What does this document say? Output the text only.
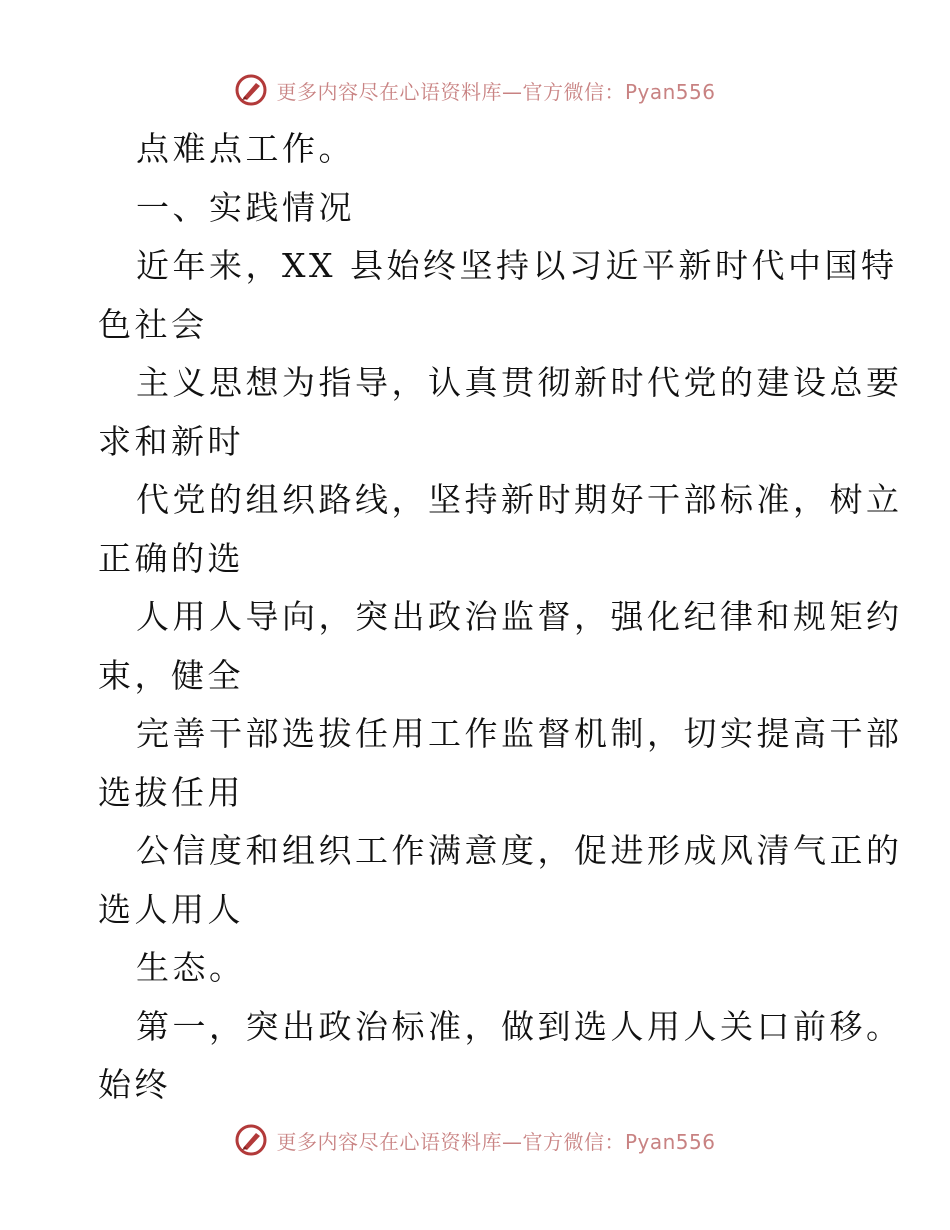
更多内容尽在心语资料库—官方微信：Pyan556

点难点工作。

一、实践情况

近年来，XX 县始终坚持以习近平新时代中国特

色社会

主义思想为指导，认真贯彻新时代党的建设总要

求和新时

代党的组织路线，坚持新时期好干部标准，树立

正确的选

人用人导向，突出政治监督，强化纪律和规矩约

束，健全

完善干部选拔任用工作监督机制，切实提高干部

选拔任用

公信度和组织工作满意度，促进形成风清气正的

选人用人

生态。

第一，突出政治标准，做到选人用人关口前移。

始终

更多内容尽在心语资料库—官方微信：Pyan556
